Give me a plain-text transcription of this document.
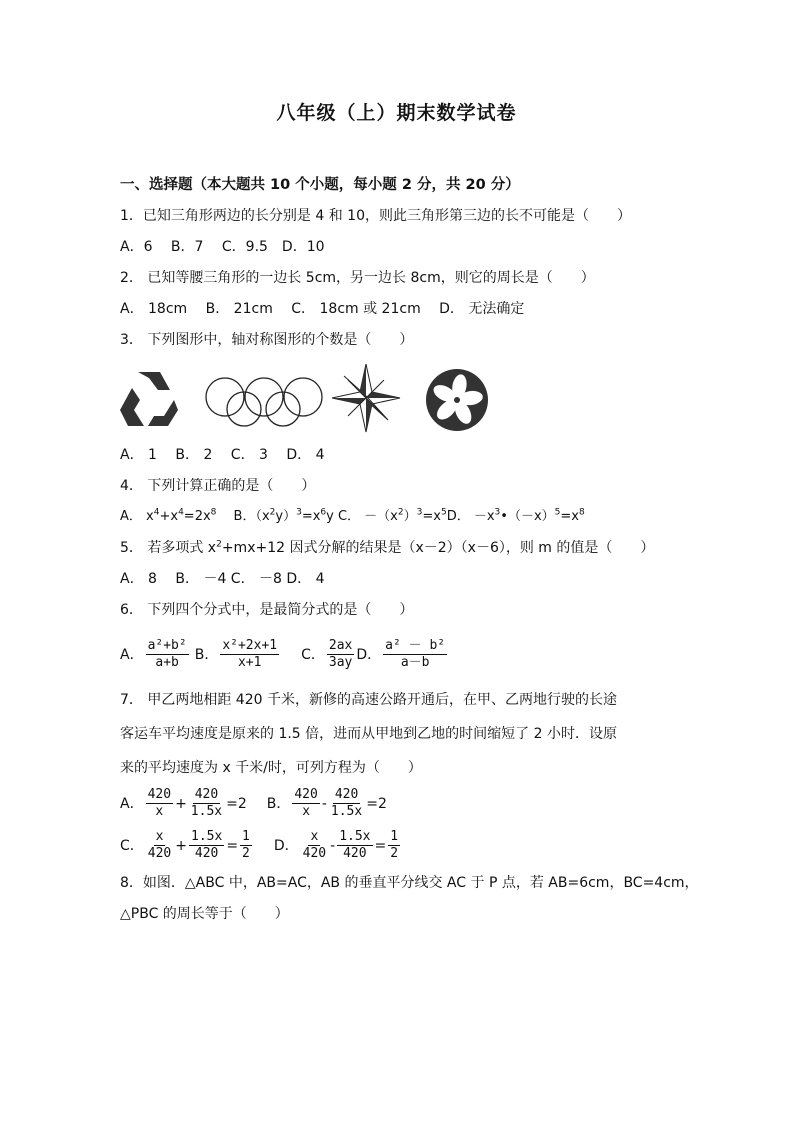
八年级（上）期末数学试卷
一、选择题（本大题共 10 个小题，每小题 2 分，共 20 分）
1．已知三角形两边的长分别是 4 和 10，则此三角形第三边的长不可能是（　　）
A．6　 B．7　 C．9.5　D．10
2． 已知等腰三角形的一边长 5cm，另一边长 8cm，则它的周长是（　　）
A． 18cm　 B． 21cm　 C． 18cm 或 21cm　 D． 无法确定
3． 下列图形中，轴对称图形的个数是（　　）
A． 1　 B． 2　 C． 3　 D． 4
4． 下列计算正确的是（　　）
A． $x^4+x^4=2x^8$　 B．$(x^2y)^3=x^6y$ C． $-(x^2)^3=x^5D$． $-x^3•(-x)^5=x^8$
5． 若多项式 $x^2+mx+12$ 因式分解的结果是（x－2）（x－6），则 m 的值是（　　）
A． 8　 B． －4 C． －8 D． 4
6． 下列四个分式中，是最简分式的是（　　）
A． $\frac{\text{a²+b²}}{a+b}$ B． $\frac{\text{x²+2x+1}}{x+1}$ C． $\frac{2ax}{3ay}$ D． $\frac{\text{a² － b²}}{a-b}$
7． 甲乙两地相距 420 千米，新修的高速公路开通后，在甲、乙两地行驶的长途
客运车平均速度是原来的 1.5 倍，进而从甲地到乙地的时间缩短了 2 小时．设原
来的平均速度为 x 千米/时，可列方程为（　　）
A． $\frac{420}{x} + \frac{420}{1.5x} =2$ B． $\frac{420}{x} - \frac{420}{1.5x} =2$
C． $\frac{x}{420} + \frac{1.5x}{420} = \frac{1}{2}$ D． $\frac{x}{420} - \frac{1.5x}{420} = \frac{1}{2}$
8．如图．△ABC 中，AB=AC，AB 的垂直平分线交 AC 于 P 点，若 AB=6cm，BC=4cm，
△PBC 的周长等于（　　）
